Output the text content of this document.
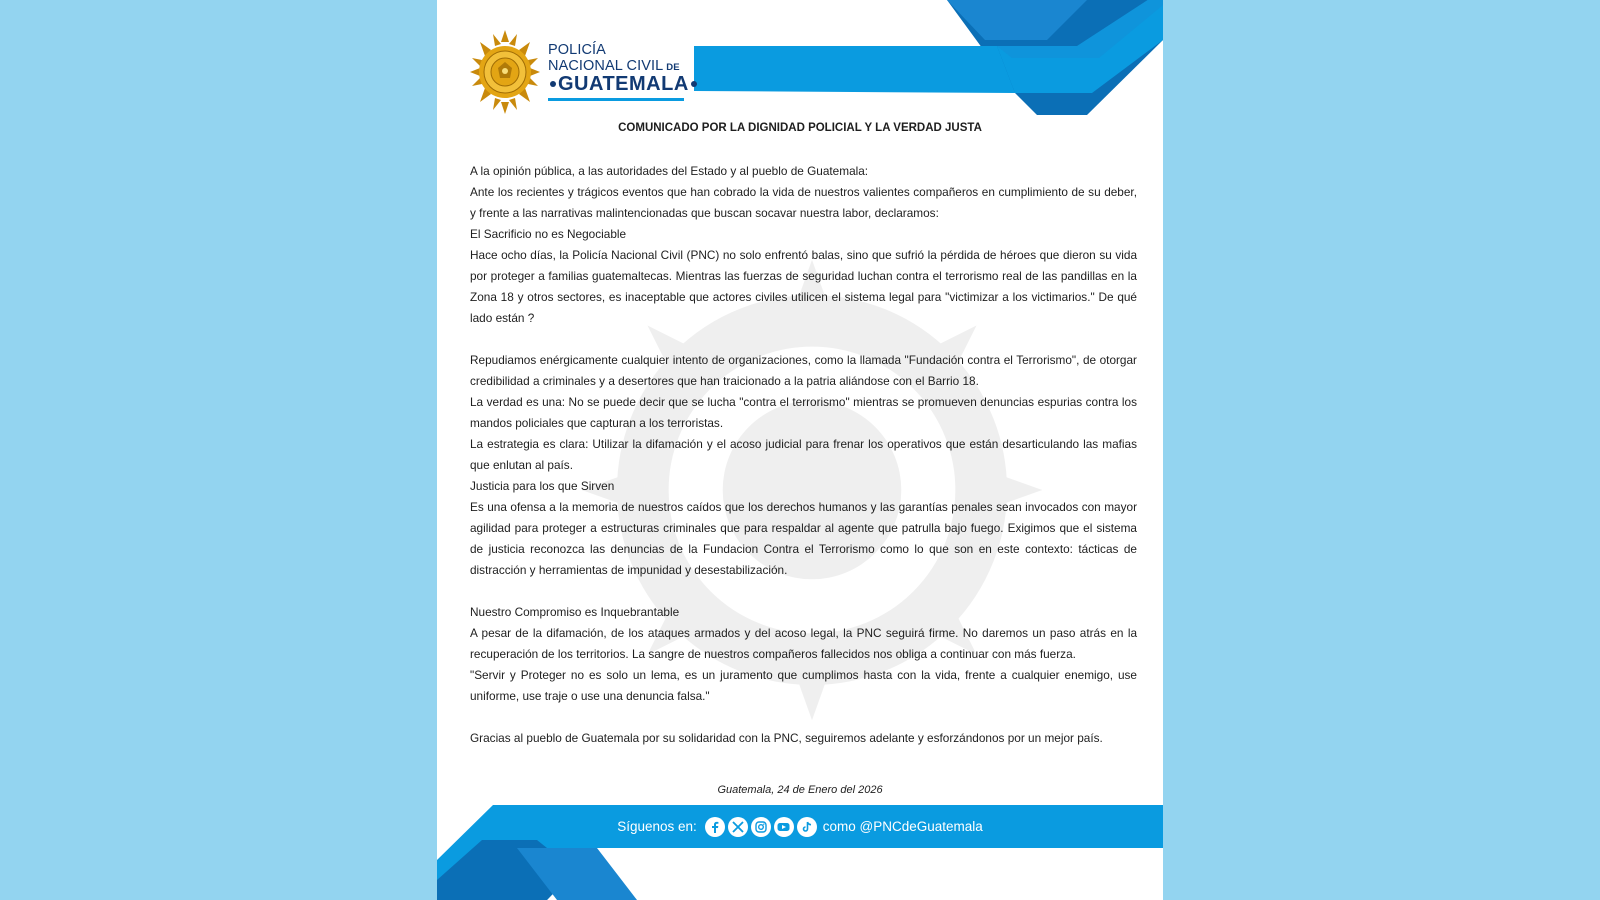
POLICÍA
NACIONAL CIVIL DE
GUATEMALA
COMUNICADO POR LA DIGNIDAD POLICIAL Y LA VERDAD JUSTA

A la opinión pública, a las autoridades del Estado y al pueblo de Guatemala:

Ante los recientes y trágicos eventos que han cobrado la vida de nuestros valientes compañeros en cumplimiento de su deber, y frente a las narrativas malintencionadas que buscan socavar nuestra labor, declaramos:

El Sacrificio no es Negociable

Hace ocho días, la Policía Nacional Civil (PNC) no solo enfrentó balas, sino que sufrió la pérdida de héroes que dieron su vida por proteger a familias guatemaltecas. Mientras las fuerzas de seguridad luchan contra el terrorismo real de las pandillas en la Zona 18 y otros sectores, es inaceptable que actores civiles utilicen el sistema legal para "victimizar a los victimarios." De qué lado están ?

Repudiamos enérgicamente cualquier intento de organizaciones, como la llamada "Fundación contra el Terrorismo", de otorgar credibilidad a criminales y a desertores que han traicionado a la patria aliándose con el Barrio 18.

La verdad es una: No se puede decir que se lucha "contra el terrorismo" mientras se promueven denuncias espurias contra los mandos policiales que capturan a los terroristas.

La estrategia es clara: Utilizar la difamación y el acoso judicial para frenar los operativos que están desarticulando las mafias que enlutan al país.

Justicia para los que Sirven

Es una ofensa a la memoria de nuestros caídos que los derechos humanos y las garantías penales sean invocados con mayor agilidad para proteger a estructuras criminales que para respaldar al agente que patrulla bajo fuego. Exigimos que el sistema de justicia reconozca las denuncias de la Fundacion Contra el Terrorismo como lo que son en este contexto: tácticas de distracción y herramientas de impunidad y desestabilización.

Nuestro Compromiso es Inquebrantable

A pesar de la difamación, de los ataques armados y del acoso legal, la PNC seguirá firme. No daremos un paso atrás en la recuperación de los territorios. La sangre de nuestros compañeros fallecidos nos obliga a continuar con más fuerza.

"Servir y Proteger no es solo un lema, es un juramento que cumplimos hasta con la vida, frente a cualquier enemigo, use uniforme, use traje o use una denuncia falsa."

Gracias al pueblo de Guatemala por su solidaridad con la PNC, seguiremos adelante y esforzándonos por un mejor país.

Guatemala, 24 de Enero del 2026
Síguenos en:	como @PNCdeGuatemala
